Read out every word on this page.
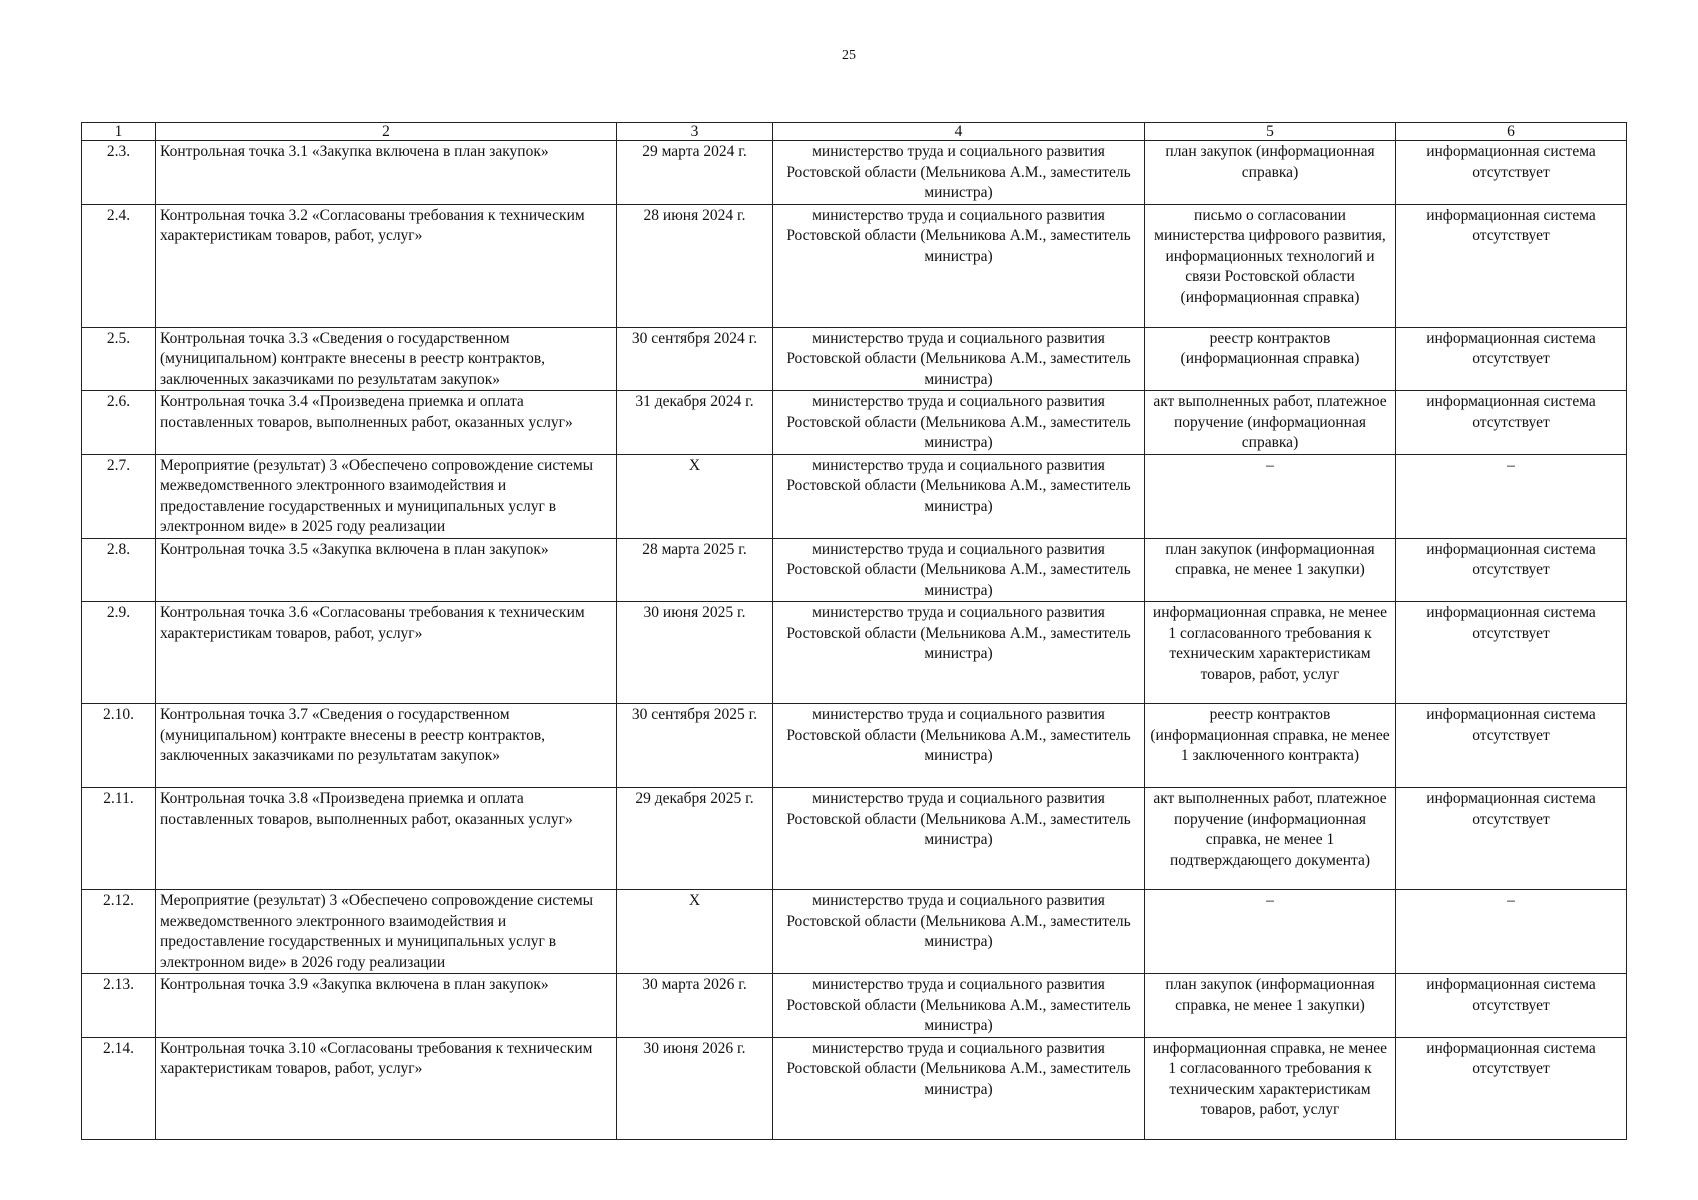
25
1	2	3	4	5	6
2.3.	Контрольная точка 3.1 «Закупка включена в план закупок»	29 марта 2024 г.	министерство труда и социального развития Ростовской области (Мельникова А.М., заместитель министра)	план закупок (информационная справка)	информационная система отсутствует
2.4.	Контрольная точка 3.2 «Согласованы требования к техническим характеристикам товаров, работ, услуг»	28 июня 2024 г.	министерство труда и социального развития Ростовской области (Мельникова А.М., заместитель министра)	письмо о согласовании министерства цифрового развития, информационных технологий и связи Ростовской области (информационная справка)	информационная система отсутствует
2.5.	Контрольная точка 3.3 «Сведения о государственном (муниципальном) контракте внесены в реестр контрактов, заключенных заказчиками по результатам закупок»	30 сентября 2024 г.	министерство труда и социального развития Ростовской области (Мельникова А.М., заместитель министра)	реестр контрактов (информационная справка)	информационная система отсутствует
2.6.	Контрольная точка 3.4 «Произведена приемка и оплата поставленных товаров, выполненных работ, оказанных услуг»	31 декабря 2024 г.	министерство труда и социального развития Ростовской области (Мельникова А.М., заместитель министра)	акт выполненных работ, платежное поручение (информационная справка)	информационная система отсутствует
2.7.	Мероприятие (результат) 3 «Обеспечено сопровождение системы межведомственного электронного взаимодействия и предоставление государственных и муниципальных услуг в электронном виде» в 2025 году реализации	X	министерство труда и социального развития Ростовской области (Мельникова А.М., заместитель министра)	–	–
2.8.	Контрольная точка 3.5 «Закупка включена в план закупок»	28 марта 2025 г.	министерство труда и социального развития Ростовской области (Мельникова А.М., заместитель министра)	план закупок (информационная справка, не менее 1 закупки)	информационная система отсутствует
2.9.	Контрольная точка 3.6 «Согласованы требования к техническим характеристикам товаров, работ, услуг»	30 июня 2025 г.	министерство труда и социального развития Ростовской области (Мельникова А.М., заместитель министра)	информационная справка, не менее 1 согласованного требования к техническим характеристикам товаров, работ, услуг	информационная система отсутствует
2.10.	Контрольная точка 3.7 «Сведения о государственном (муниципальном) контракте внесены в реестр контрактов, заключенных заказчиками по результатам закупок»	30 сентября 2025 г.	министерство труда и социального развития Ростовской области (Мельникова А.М., заместитель министра)	реестр контрактов (информационная справка, не менее 1 заключенного контракта)	информационная система отсутствует
2.11.	Контрольная точка 3.8 «Произведена приемка и оплата поставленных товаров, выполненных работ, оказанных услуг»	29 декабря 2025 г.	министерство труда и социального развития Ростовской области (Мельникова А.М., заместитель министра)	акт выполненных работ, платежное поручение (информационная справка, не менее 1 подтверждающего документа)	информационная система отсутствует
2.12.	Мероприятие (результат) 3 «Обеспечено сопровождение системы межведомственного электронного взаимодействия и предоставление государственных и муниципальных услуг в электронном виде» в 2026 году реализации	X	министерство труда и социального развития Ростовской области (Мельникова А.М., заместитель министра)	–	–
2.13.	Контрольная точка 3.9 «Закупка включена в план закупок»	30 марта 2026 г.	министерство труда и социального развития Ростовской области (Мельникова А.М., заместитель министра)	план закупок (информационная справка, не менее 1 закупки)	информационная система отсутствует
2.14.	Контрольная точка 3.10 «Согласованы требования к техническим характеристикам товаров, работ, услуг»	30 июня 2026 г.	министерство труда и социального развития Ростовской области (Мельникова А.М., заместитель министра)	информационная справка, не менее 1 согласованного требования к техническим характеристикам товаров, работ, услуг	информационная система отсутствует
